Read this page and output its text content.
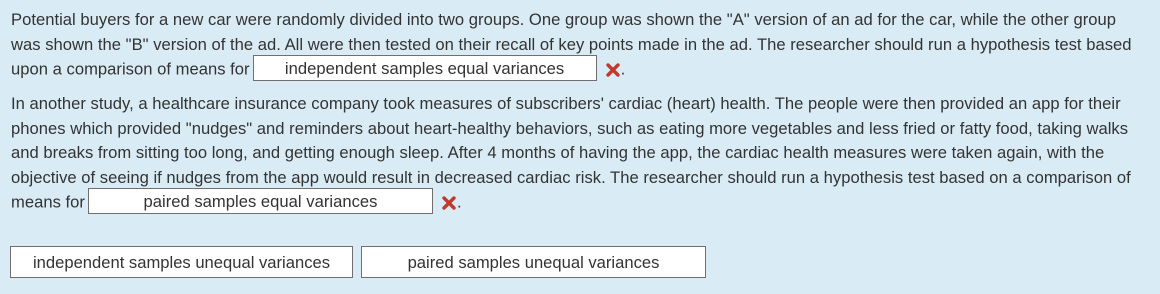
Potential buyers for a new car were randomly divided into two groups. One group was shown the "A" version of an ad for the car, while the other group was shown the "B" version of the ad. All were then tested on their recall of key points made in the ad. The researcher should run a hypothesis test based upon a comparison of means for independent samples equal variances	.
In another study, a healthcare insurance company took measures of subscribers' cardiac (heart) health. The people were then provided an app for their phones which provided "nudges" and reminders about heart-healthy behaviors, such as eating more vegetables and less fried or fatty food, taking walks and breaks from sitting too long, and getting enough sleep. After 4 months of having the app, the cardiac health measures were taken again, with the objective of seeing if nudges from the app would result in decreased cardiac risk. The researcher should run a hypothesis test based on a comparison of means for	paired samples equal variances	.
independent samples unequal variances	paired samples unequal variances
